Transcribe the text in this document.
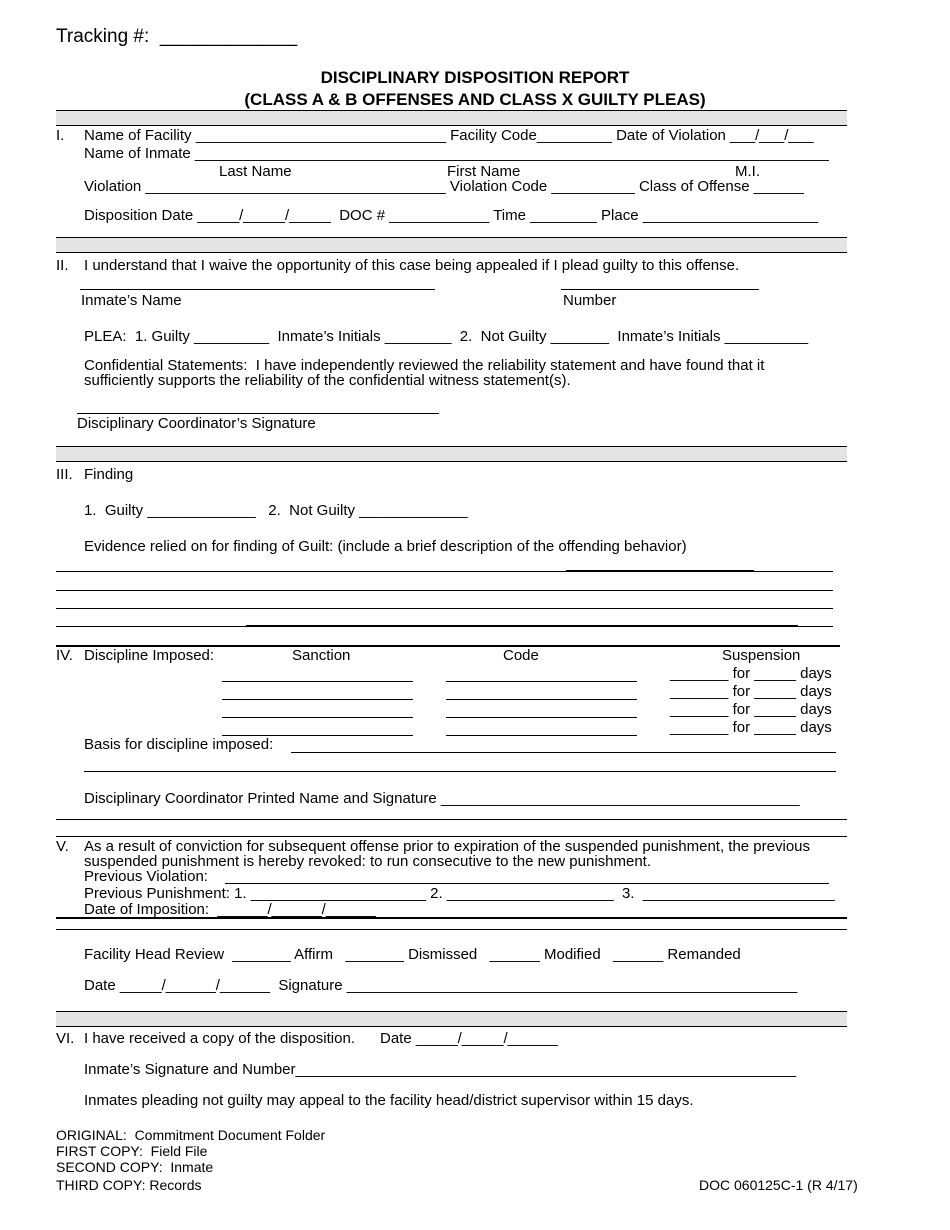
Tracking #:  _____________
DISCIPLINARY DISPOSITION REPORT
(CLASS A & B OFFENSES AND CLASS X GUILTY PLEAS)
I. Name of Facility ______________________________ Facility Code_________ Date of Violation ___/___/___
Name of Inmate ____________________________________________________________________________
Last Name	First Name	M.I.
Violation ____________________________________ Violation Code __________ Class of Offense ______
Disposition Date _____/_____/_____  DOC # ____________ Time ________ Place _____________________
II. I understand that I waive the opportunity of this case being appealed if I plead guilty to this offense.
Inmate’s Name	Number
PLEA:  1. Guilty _________  Inmate’s Initials ________  2.  Not Guilty _______  Inmate’s Initials __________
Confidential Statements:  I have independently reviewed the reliability statement and have found that it
sufficiently supports the reliability of the confidential witness statement(s).
Disciplinary Coordinator’s Signature
III. Finding
1.  Guilty _____________   2.  Not Guilty _____________
Evidence relied on for finding of Guilt: (include a brief description of the offending behavior)
IV. Discipline Imposed:	Sanction	Code	Suspension
_______ for _____ days
_______ for _____ days
_______ for _____ days
_______ for _____ days
Basis for discipline imposed:
Disciplinary Coordinator Printed Name and Signature ___________________________________________
V. As a result of conviction for subsequent offense prior to expiration of the suspended punishment, the previous
suspended punishment is hereby revoked: to run consecutive to the new punishment.
Previous Violation:
Previous Punishment: 1. _____________________ 2. ____________________  3.  _______________________
Date of Imposition:  ______/______/______
Facility Head Review  _______ Affirm   _______ Dismissed   ______ Modified   ______ Remanded
Date _____/______/______  Signature ______________________________________________________
VI. I have received a copy of the disposition.      Date _____/_____/______
Inmate’s Signature and Number____________________________________________________________
Inmates pleading not guilty may appeal to the facility head/district supervisor within 15 days.
ORIGINAL:  Commitment Document Folder
FIRST COPY:  Field File
SECOND COPY:  Inmate
THIRD COPY: Records	DOC 060125C-1 (R 4/17)
